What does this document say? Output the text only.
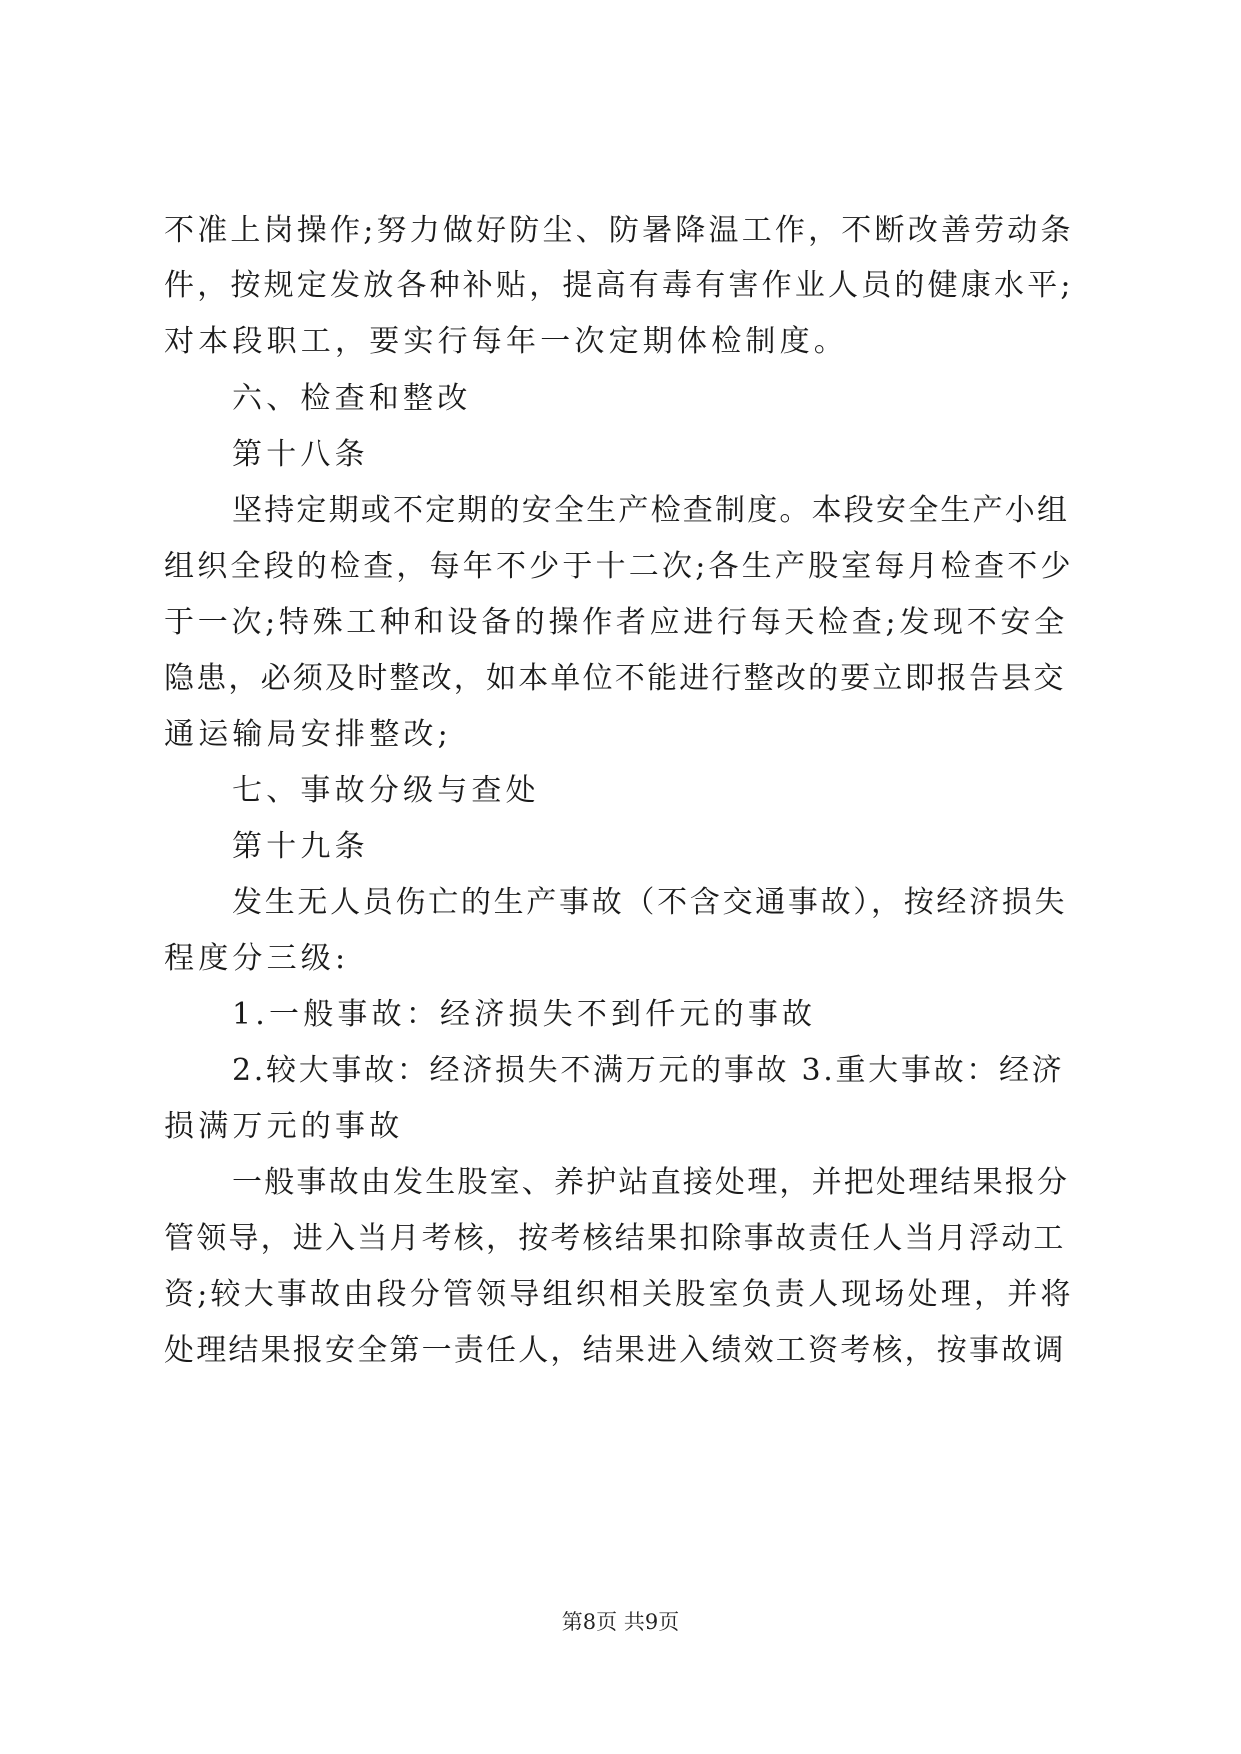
不准上岗操作;努力做好防尘、防暑降温工作，不断改善劳动条
件，按规定发放各种补贴，提高有毒有害作业人员的健康水平;
对本段职工，要实行每年一次定期体检制度。
六、检查和整改
第十八条
坚持定期或不定期的安全生产检查制度。本段安全生产小组
组织全段的检查，每年不少于十二次;各生产股室每月检查不少
于一次;特殊工种和设备的操作者应进行每天检查;发现不安全
隐患，必须及时整改，如本单位不能进行整改的要立即报告县交
通运输局安排整改;
七、事故分级与查处
第十九条
发生无人员伤亡的生产事故（不含交通事故），按经济损失
程度分三级:
1.一般事故：经济损失不到仟元的事故
2.较大事故：经济损失不满万元的事故 3.重大事故：经济
损满万元的事故
一般事故由发生股室、养护站直接处理，并把处理结果报分
管领导，进入当月考核，按考核结果扣除事故责任人当月浮动工
资;较大事故由段分管领导组织相关股室负责人现场处理，并将
处理结果报安全第一责任人，结果进入绩效工资考核，按事故调
第8页 共9页
